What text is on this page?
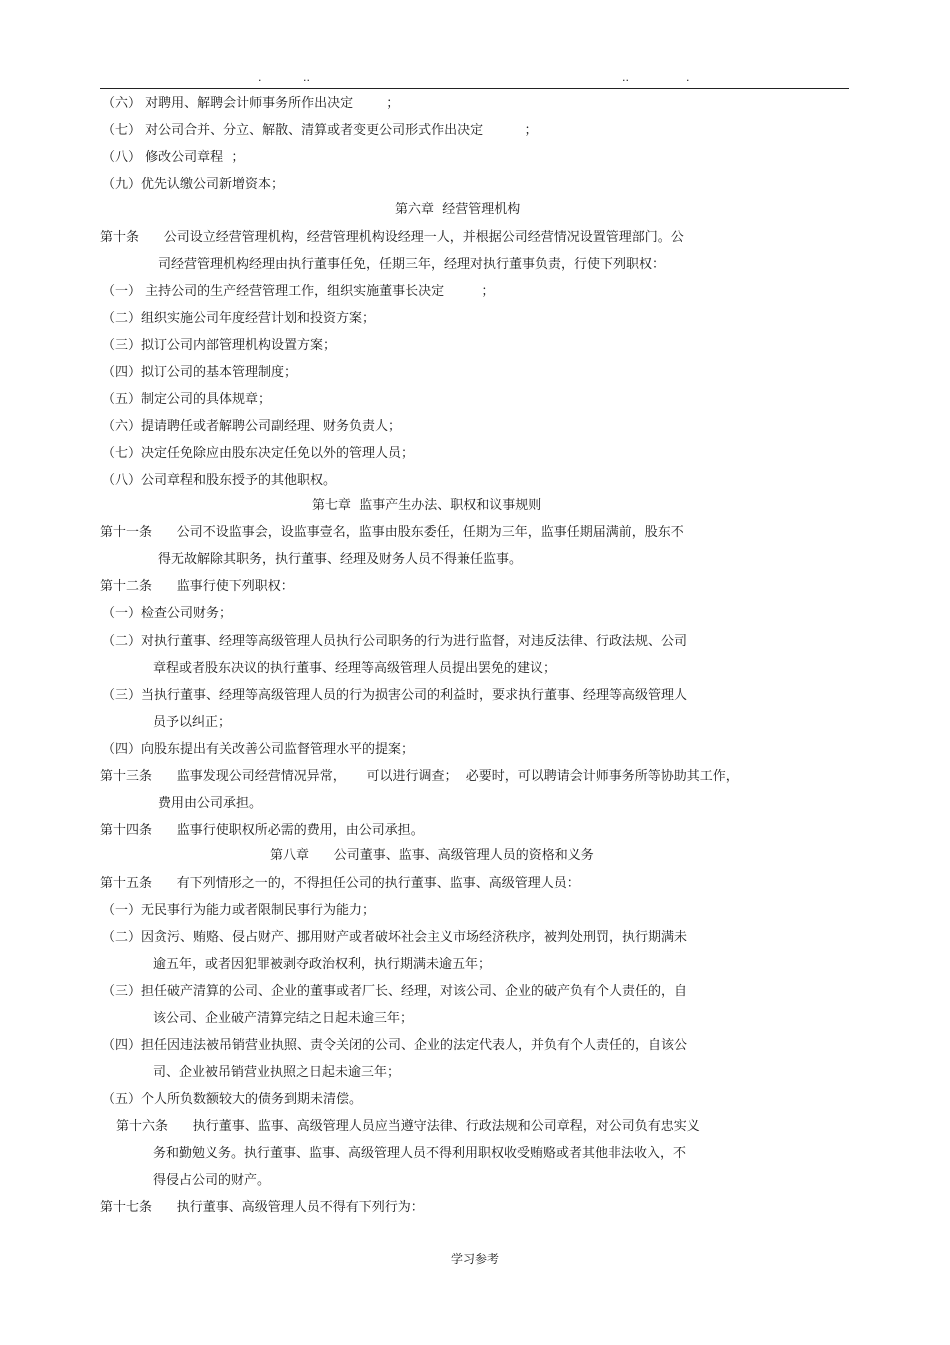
.	..	..	.
（六） 对聘用、解聘会计师事务所作出决定        ；
（七） 对公司合并、分立、解散、清算或者变更公司形式作出决定          ；
（八） 修改公司章程  ；
（九）优先认缴公司新增资本；
第六章  经营管理机构
第十条      公司设立经营管理机构，经营管理机构设经理一人，并根据公司经营情况设置管理部门。公
司经营管理机构经理由执行董事任免，任期三年，经理对执行董事负责，行使下列职权：
（一） 主持公司的生产经营管理工作，组织实施董事长决定         ；
（二）组织实施公司年度经营计划和投资方案；
（三）拟订公司内部管理机构设置方案；
（四）拟订公司的基本管理制度；
（五）制定公司的具体规章；
（六）提请聘任或者解聘公司副经理、财务负责人；
（七）决定任免除应由股东决定任免以外的管理人员；
（八）公司章程和股东授予的其他职权。
第七章  监事产生办法、职权和议事规则
第十一条      公司不设监事会，设监事壹名，监事由股东委任，任期为三年，监事任期届满前，股东不
得无故解除其职务，执行董事、经理及财务人员不得兼任监事。
第十二条      监事行使下列职权：
（一）检查公司财务；
（二）对执行董事、经理等高级管理人员执行公司职务的行为进行监督，对违反法律、行政法规、公司
章程或者股东决议的执行董事、经理等高级管理人员提出罢免的建议；
（三）当执行董事、经理等高级管理人员的行为损害公司的利益时，要求执行董事、经理等高级管理人
员予以纠正；
（四）向股东提出有关改善公司监督管理水平的提案；
第十三条      监事发现公司经营情况异常，     可以进行调查；  必要时，可以聘请会计师事务所等协助其工作，
费用由公司承担。
第十四条      监事行使职权所必需的费用，由公司承担。
第八章      公司董事、监事、高级管理人员的资格和义务
第十五条      有下列情形之一的，不得担任公司的执行董事、监事、高级管理人员：
（一）无民事行为能力或者限制民事行为能力；
（二）因贪污、贿赂、侵占财产、挪用财产或者破坏社会主义市场经济秩序，被判处刑罚，执行期满未
逾五年，或者因犯罪被剥夺政治权利，执行期满未逾五年；
（三）担任破产清算的公司、企业的董事或者厂长、经理，对该公司、企业的破产负有个人责任的，自
该公司、企业破产清算完结之日起未逾三年；
（四）担任因违法被吊销营业执照、责令关闭的公司、企业的法定代表人，并负有个人责任的，自该公
司、企业被吊销营业执照之日起未逾三年；
（五）个人所负数额较大的债务到期未清偿。
第十六条      执行董事、监事、高级管理人员应当遵守法律、行政法规和公司章程，对公司负有忠实义
务和勤勉义务。执行董事、监事、高级管理人员不得利用职权收受贿赂或者其他非法收入，不
得侵占公司的财产。
第十七条      执行董事、高级管理人员不得有下列行为：
学习参考
